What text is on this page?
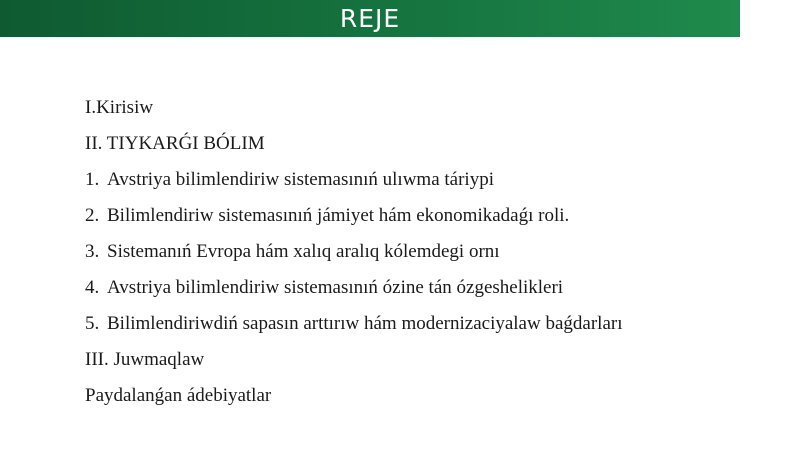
REJE
I.Kirisiw
II. TIYKARǴI BÓLIM
1. Avstriya bilimlendiriw sistemasınıń ulıwma táriypi
2. Bilimlendiriw sistemasınıń jámiyet hám ekonomikadaǵı roli.
3. Sistemanıń Evropa hám xalıq aralıq kólemdegi ornı
4. Avstriya bilimlendiriw sistemasınıń ózine tán ózgeshelikleri
5. Bilimlendiriwdiń sapasın arttırıw hám modernizaciyalaw baǵdarları
III. Juwmaqlaw
Paydalanǵan ádebiyatlar
